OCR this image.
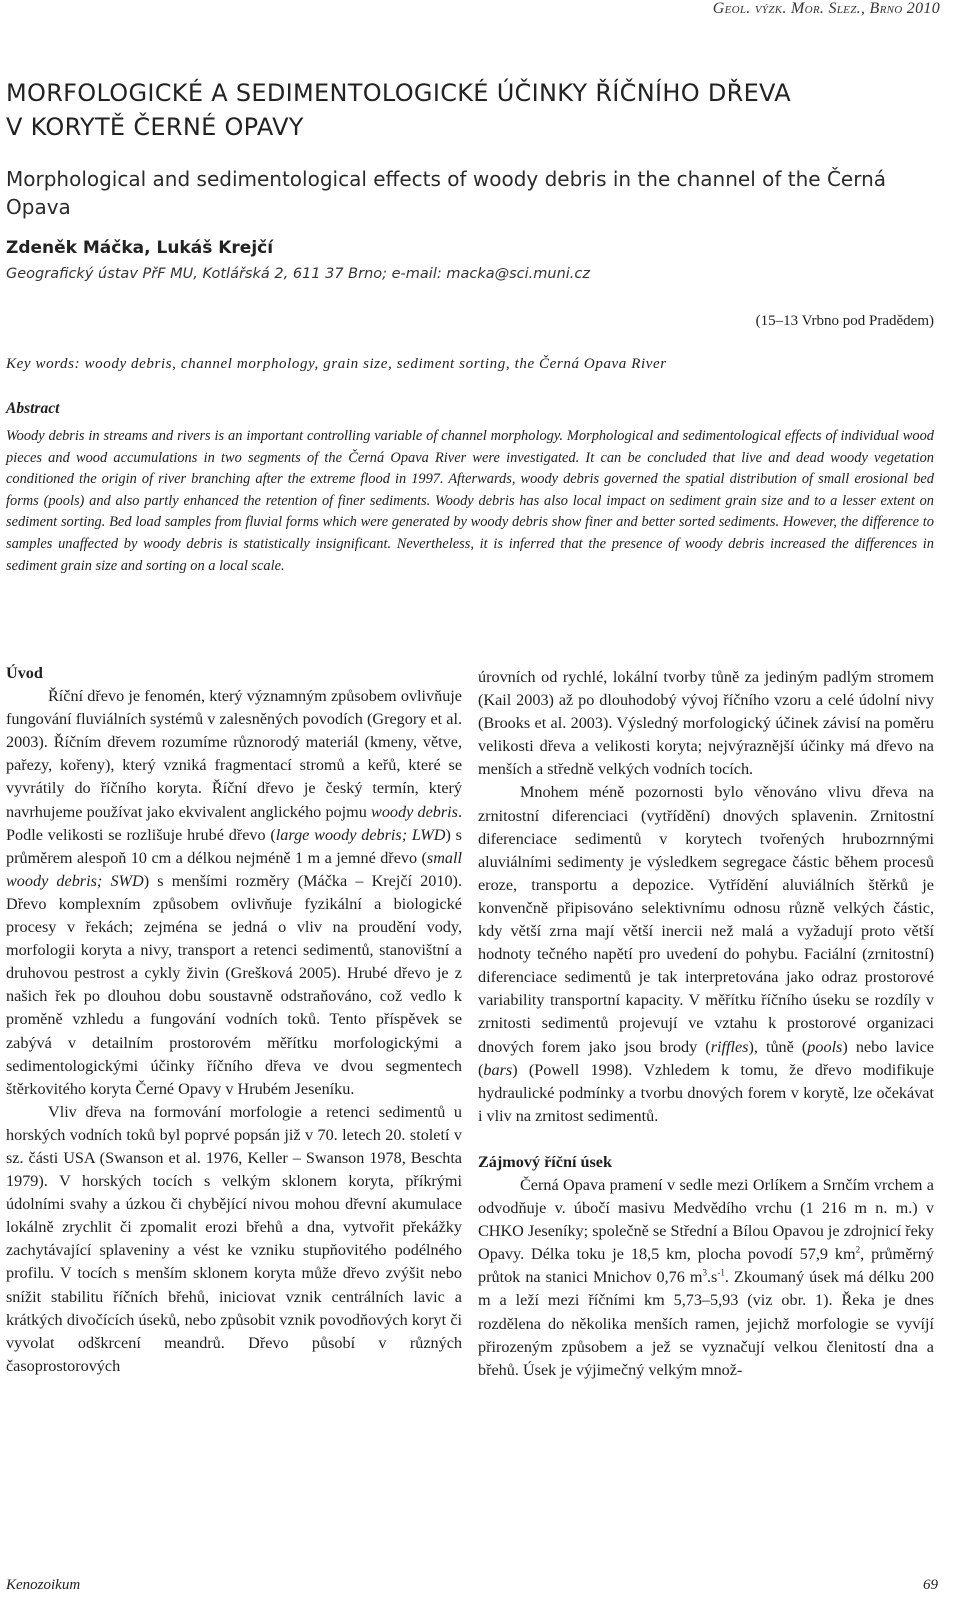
Geol. výzk. Mor. Slez., Brno 2010
MORFOLOGICKÉ A SEDIMENTOLOGICKÉ ÚČINKY ŘÍČNÍHO DŘEVA
V KORYTĚ ČERNÉ OPAVY
Morphological and sedimentological effects of woody debris in the channel of the Černá Opava
Zdeněk Máčka, Lukáš Krejčí
Geografický ústav PřF MU, Kotlářská 2, 611 37 Brno; e-mail: macka@sci.muni.cz
(15–13 Vrbno pod Pradědem)
Key words: woody debris, channel morphology, grain size, sediment sorting, the Černá Opava River
Abstract
Woody debris in streams and rivers is an important controlling variable of channel morphology. Morphological and sedimentological effects of individual wood pieces and wood accumulations in two segments of the Černá Opava River were investigated. It can be concluded that live and dead woody vegetation conditioned the origin of river branching after the extreme flood in 1997. Afterwards, woody debris governed the spatial distribution of small erosional bed forms (pools) and also partly enhanced the retention of finer sediments. Woody debris has also local impact on sediment grain size and to a lesser extent on sediment sorting. Bed load samples from fluvial forms which were generated by woody debris show finer and better sorted sediments. However, the difference to samples unaffected by woody debris is statistically insignificant. Nevertheless, it is inferred that the presence of woody debris increased the differences in sediment grain size and sorting on a local scale.
Úvod

Říční dřevo je fenomén, který významným způsobem ovlivňuje fungování fluviálních systémů v zalesněných povodích (Gregory et al. 2003). Říčním dřevem rozumíme různorodý materiál (kmeny, větve, pařezy, kořeny), který vzniká fragmentací stromů a keřů, které se vyvrátily do říčního koryta. Říční dřevo je český termín, který navrhujeme používat jako ekvivalent anglického pojmu woody debris. Podle velikosti se rozlišuje hrubé dřevo (large woody debris; LWD) s průměrem alespoň 10 cm a délkou nejméně 1 m a jemné dřevo (small woody debris; SWD) s menšími rozměry (Máčka – Krejčí 2010). Dřevo komplexním způsobem ovlivňuje fyzikální a biologické procesy v řekách; zejména se jedná o vliv na proudění vody, morfologii koryta a nivy, transport a retenci sedimentů, stanovištní a druhovou pestrost a cykly živin (Grešková 2005). Hrubé dřevo je z našich řek po dlouhou dobu soustavně odstraňováno, což vedlo k proměně vzhledu a fungování vodních toků. Tento příspěvek se zabývá v detailním prostorovém měřítku morfologickými a sedimentologickými účinky říčního dřeva ve dvou segmentech štěrkovitého koryta Černé Opavy v Hrubém Jeseníku.

Vliv dřeva na formování morfologie a retenci sedimentů u horských vodních toků byl poprvé popsán již v 70. letech 20. století v sz. části USA (Swanson et al. 1976, Keller – Swanson 1978, Beschta 1979). V horských tocích s velkým sklonem koryta, příkrými údolními svahy a úzkou či chybějící nivou mohou dřevní akumulace lokálně zrychlit či zpomalit erozi břehů a dna, vytvořit překážky zachytávající splaveniny a vést ke vzniku stupňovitého podélného profilu. V tocích s menším sklonem koryta může dřevo zvýšit nebo snížit stabilitu říčních břehů, iniciovat vznik centrálních lavic a krátkých divočících úseků, nebo způsobit vznik povodňových koryt či vyvolat odškrcení meandrů. Dřevo působí v různých časoprostorových

úrovních od rychlé, lokální tvorby tůně za jediným padlým stromem (Kail 2003) až po dlouhodobý vývoj říčního vzoru a celé údolní nivy (Brooks et al. 2003). Výsledný morfologický účinek závisí na poměru velikosti dřeva a velikosti koryta; nejvýraznější účinky má dřevo na menších a středně velkých vodních tocích.

Mnohem méně pozornosti bylo věnováno vlivu dřeva na zrnitostní diferenciaci (vytřídění) dnových splavenin. Zrnitostní diferenciace sedimentů v korytech tvořených hrubozrnnými aluviálními sedimenty je výsledkem segregace částic během procesů eroze, transportu a depozice. Vytřídění aluviálních štěrků je konvenčně připisováno selektivnímu odnosu různě velkých částic, kdy větší zrna mají větší inercii než malá a vyžadují proto větší hodnoty tečného napětí pro uvedení do pohybu. Faciální (zrnitostní) diferenciace sedimentů je tak interpretována jako odraz prostorové variability transportní kapacity. V měřítku říčního úseku se rozdíly v zrnitosti sedimentů projevují ve vztahu k prostorové organizaci dnových forem jako jsou brody (riffles), tůně (pools) nebo lavice (bars) (Powell 1998). Vzhledem k tomu, že dřevo modifikuje hydraulické podmínky a tvorbu dnových forem v korytě, lze očekávat i vliv na zrnitost sedimentů.

Zájmový říční úsek

Černá Opava pramení v sedle mezi Orlíkem a Srnčím vrchem a odvodňuje v. úbočí masivu Medvědího vrchu (1 216 m n. m.) v CHKO Jeseníky; společně se Střední a Bílou Opavou je zdrojnicí řeky Opavy. Délka toku je 18,5 km, plocha povodí 57,9 $km^2$, průměrný průtok na stanici Mnichov 0,76 $m^3.s^{-1}$. Zkoumaný úsek má délku 200 m a leží mezi říčními km 5,73–5,93 (viz obr. 1). Řeka je dnes rozdělena do několika menších ramen, jejichž morfologie se vyvíjí přirozeným způsobem a jež se vyznačují velkou členitostí dna a břehů. Úsek je výjimečný velkým množ-

Kenozoikum	69
